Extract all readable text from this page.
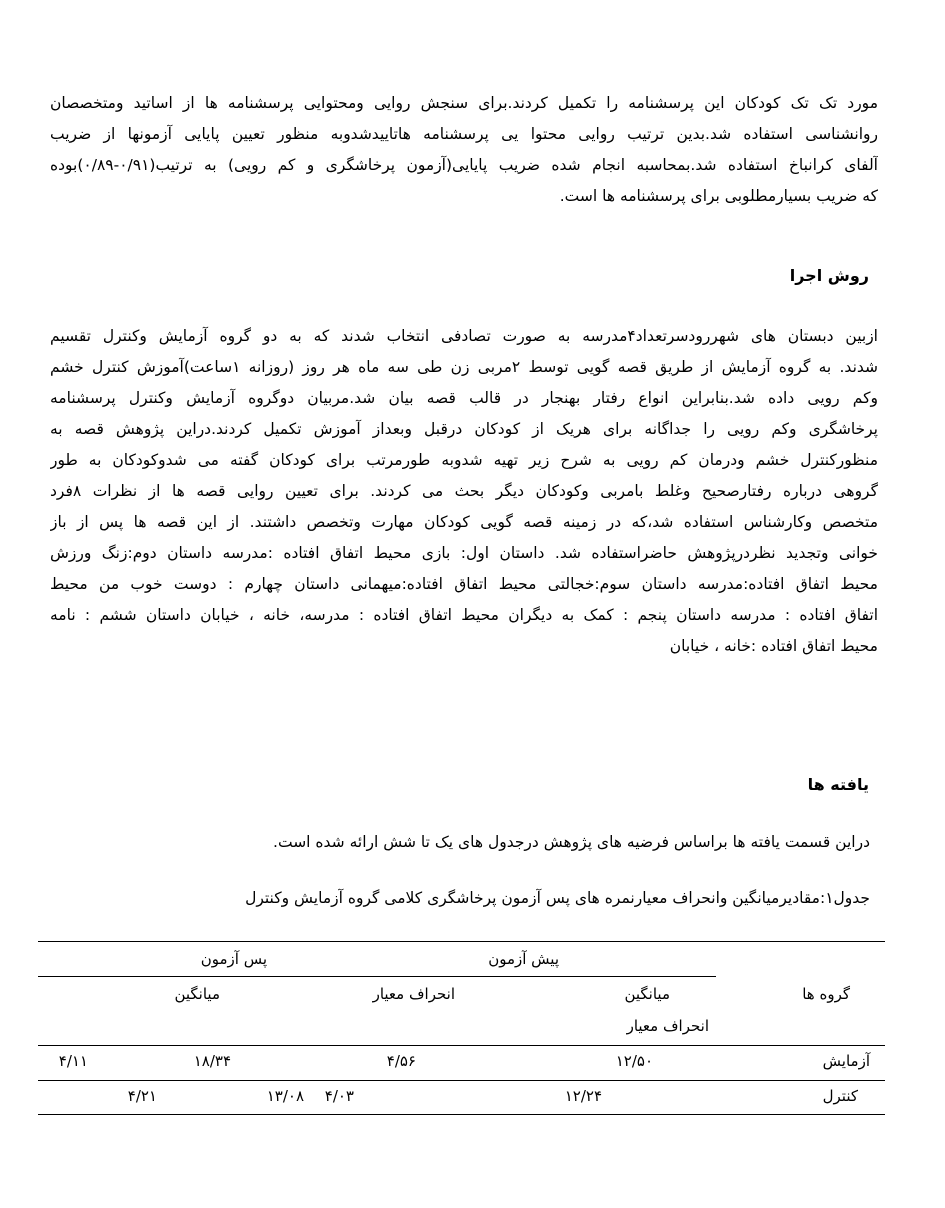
مورد تک تک کودکان این پرسشنامه را تکمیل کردند.برای سنجش روایی ومحتوایی پرسشنامه ها از اساتید ومتخصصان
روانشناسی استفاده شد.بدین ترتیب روایی محتوا یی پرسشنامه هاتاییدشدوبه منظور تعیین پایایی آزمونها از ضریب
آلفای کرانباخ استفاده شد.بمحاسبه انجام شده ضریب پایایی(آزمون پرخاشگری و کم رویی) به ترتیب(۰/۹۱-۰/۸۹)بوده
که ضریب بسیارمطلوبی برای پرسشنامه ها است.
روش اجرا
ازبین دبستان های شهررودسرتعداد۴مدرسه به صورت تصادفی انتخاب شدند که به دو گروه آزمایش وکنترل تقسیم
شدند. به گروه آزمایش از طریق قصه گویی توسط ۲مربی زن طی سه ماه هر روز (روزانه ۱ساعت)آموزش کنترل خشم
وکم رویی داده شد.بنابراین انواع رفتار بهنجار در قالب قصه بیان شد.مربیان دوگروه آزمایش وکنترل پرسشنامه
پرخاشگری وکم رویی را جداگانه برای هریک از کودکان درقبل وبعداز آموزش تکمیل کردند.دراین پژوهش قصه به
منظورکنترل خشم ودرمان کم رویی به شرح زیر تهیه شدوبه طورمرتب برای کودکان گفته می شدوکودکان به طور
گروهی درباره رفتارصحیح وغلط بامربی وکودکان دیگر بحث می کردند. برای تعیین روایی قصه ها از نظرات ۸فرد
متخصص وکارشناس استفاده شد،که در زمینه قصه گویی کودکان مهارت وتخصص داشتند. از این قصه ها پس از باز
خوانی وتجدید نظردرپژوهش حاضراستفاده شد. داستان اول: بازی محیط اتفاق افتاده :مدرسه داستان دوم:زنگ ورزش
محیط اتفاق افتاده:مدرسه داستان سوم:خجالتی محیط اتفاق افتاده:میهمانی داستان چهارم : دوست خوب من محیط
اتفاق افتاده : مدرسه داستان پنجم : کمک به دیگران محیط اتفاق افتاده : مدرسه، خانه ، خیابان داستان ششم : نامه
محیط اتفاق افتاده :خانه ، خیابان
یافته ها
دراین قسمت یافته ها براساس فرضیه های پژوهش درجدول های یک تا شش ارائه شده است.
جدول۱:مقادیرمیانگین وانحراف معیارنمره های پس آزمون پرخاشگری کلامی گروه آزمایش وکنترل
گروه ها
پیش آزمون
پس آزمون
میانگین
انحراف معیار
انحراف معیار
میانگین
آزمایش
۱۲/۵۰
۴/۵۶
۱۸/۳۴
۴/۱۱
کنترل
۱۲/۲۴
۴/۰۳
۱۳/۰۸
۴/۲۱
